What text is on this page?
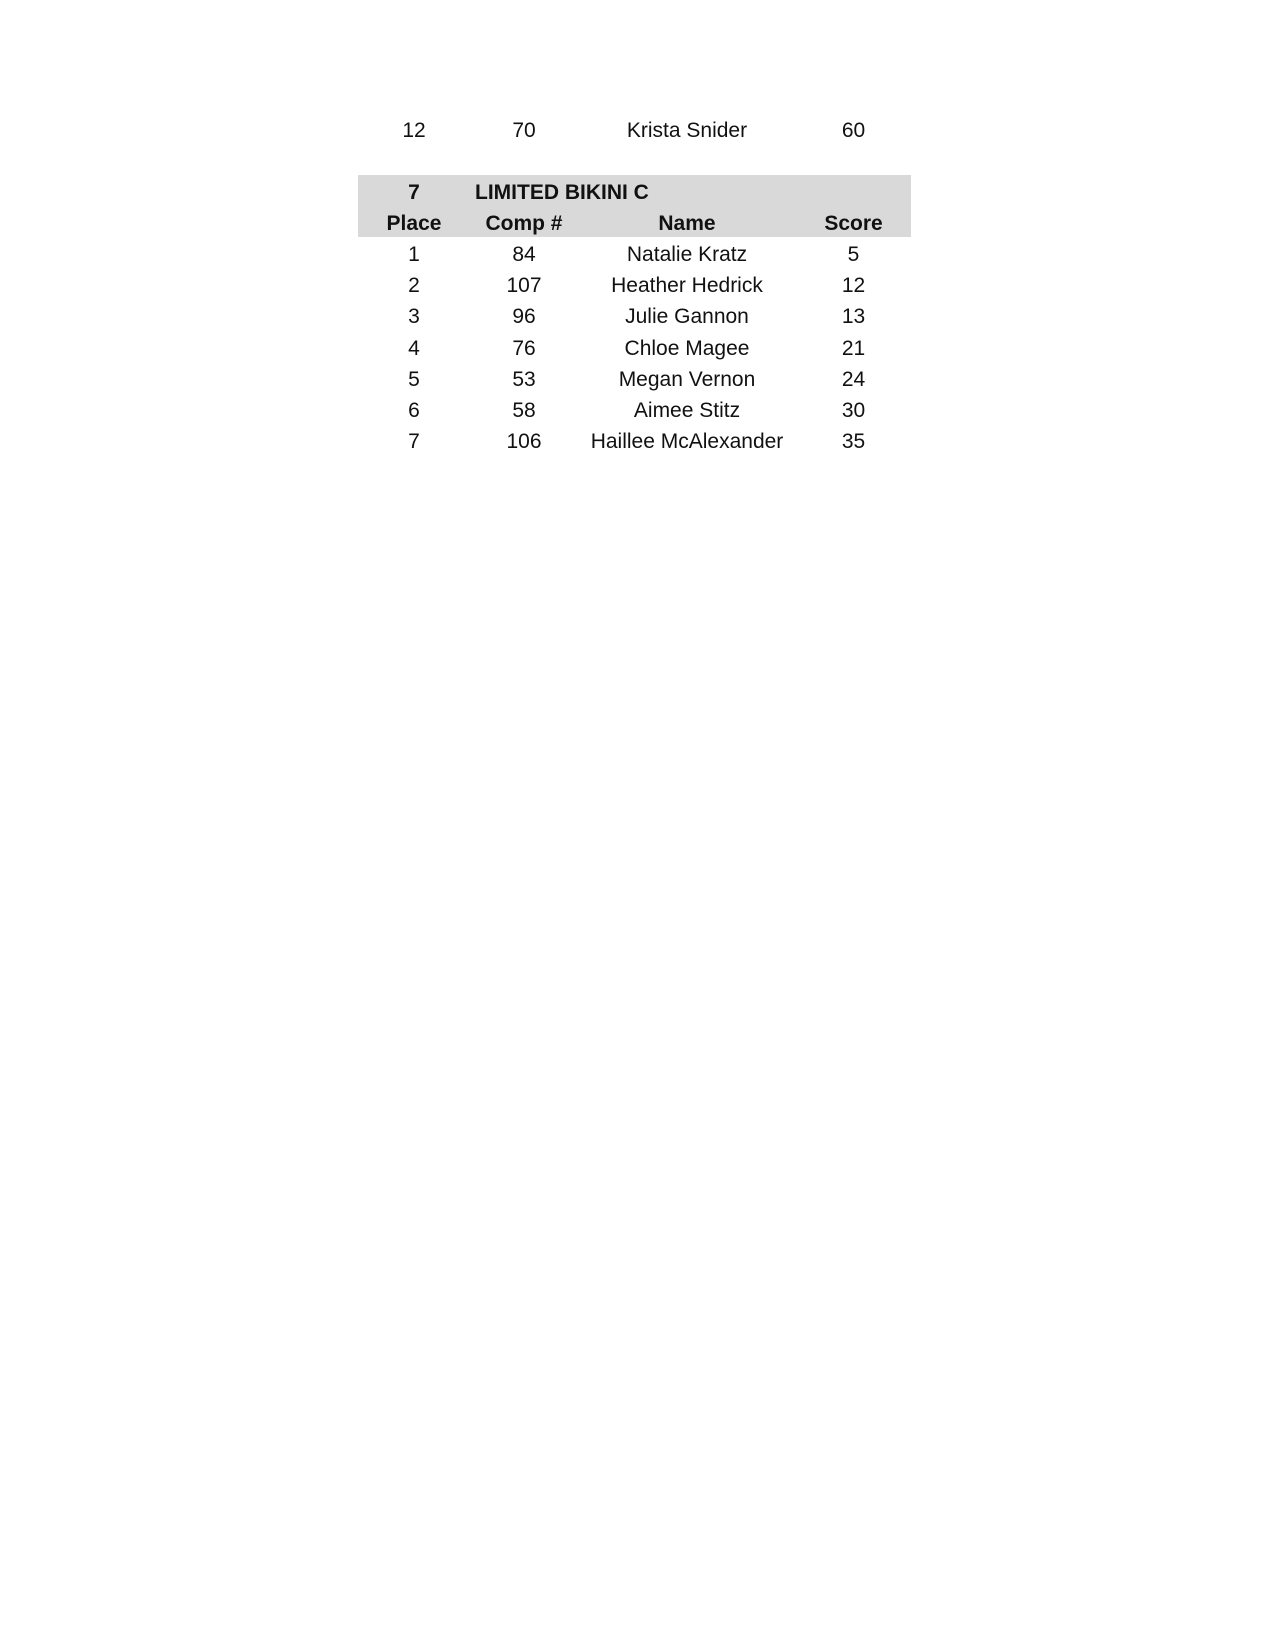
12	70	Krista Snider	60
7	LIMITED BIKINI C
Place	Comp #	Name	Score
1	84	Natalie Kratz	5
2	107	Heather Hedrick	12
3	96	Julie Gannon	13
4	76	Chloe Magee	21
5	53	Megan Vernon	24
6	58	Aimee Stitz	30
7	106	Haillee McAlexander	35
